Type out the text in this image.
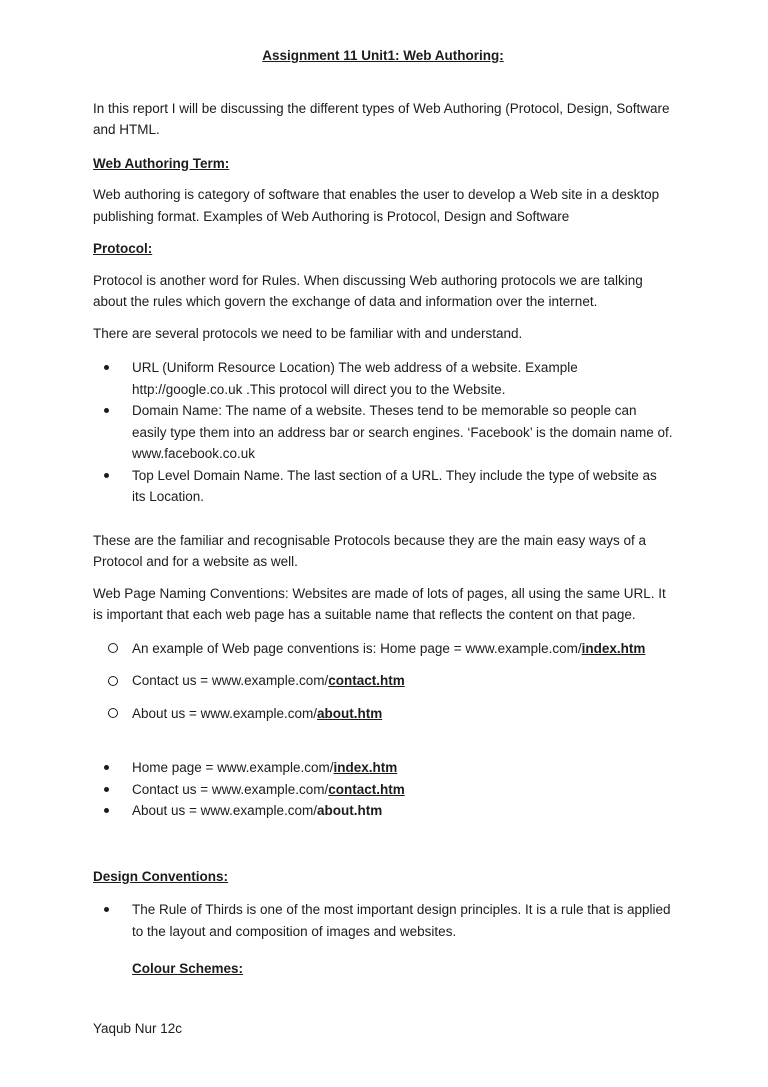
Assignment 11 Unit1: Web Authoring:

In this report I will be discussing the different types of Web Authoring (Protocol, Design, Software and HTML.

Web Authoring Term:

Web authoring is category of software that enables the user to develop a Web site in a desktop publishing format. Examples of Web Authoring is Protocol, Design and Software

Protocol:

Protocol is another word for Rules. When discussing Web authoring protocols we are talking about the rules which govern the exchange of data and information over the internet.

There are several protocols we need to be familiar with and understand.

URL (Uniform Resource Location) The web address of a website. Example http://google.co.uk .This protocol will direct you to the Website.
Domain Name: The name of a website. Theses tend to be memorable so people can easily type them into an address bar or search engines. ‘Facebook’ is the domain name of. www.facebook.co.uk
Top Level Domain Name. The last section of a URL. They include the type of website as its Location.

These are the familiar and recognisable Protocols because they are the main easy ways of a Protocol and for a website as well.

Web Page Naming Conventions: Websites are made of lots of pages, all using the same URL. It is important that each web page has a suitable name that reflects the content on that page.

An example of Web page conventions is: Home page = www.example.com/index.htm
Contact us = www.example.com/contact.htm
About us = www.example.com/about.htm
Home page = www.example.com/index.htm
Contact us = www.example.com/contact.htm
About us = www.example.com/about.htm
Design Conventions:
The Rule of Thirds is one of the most important design principles. It is a rule that is applied to the layout and composition of images and websites.
Colour Schemes:
Yaqub Nur 12c
